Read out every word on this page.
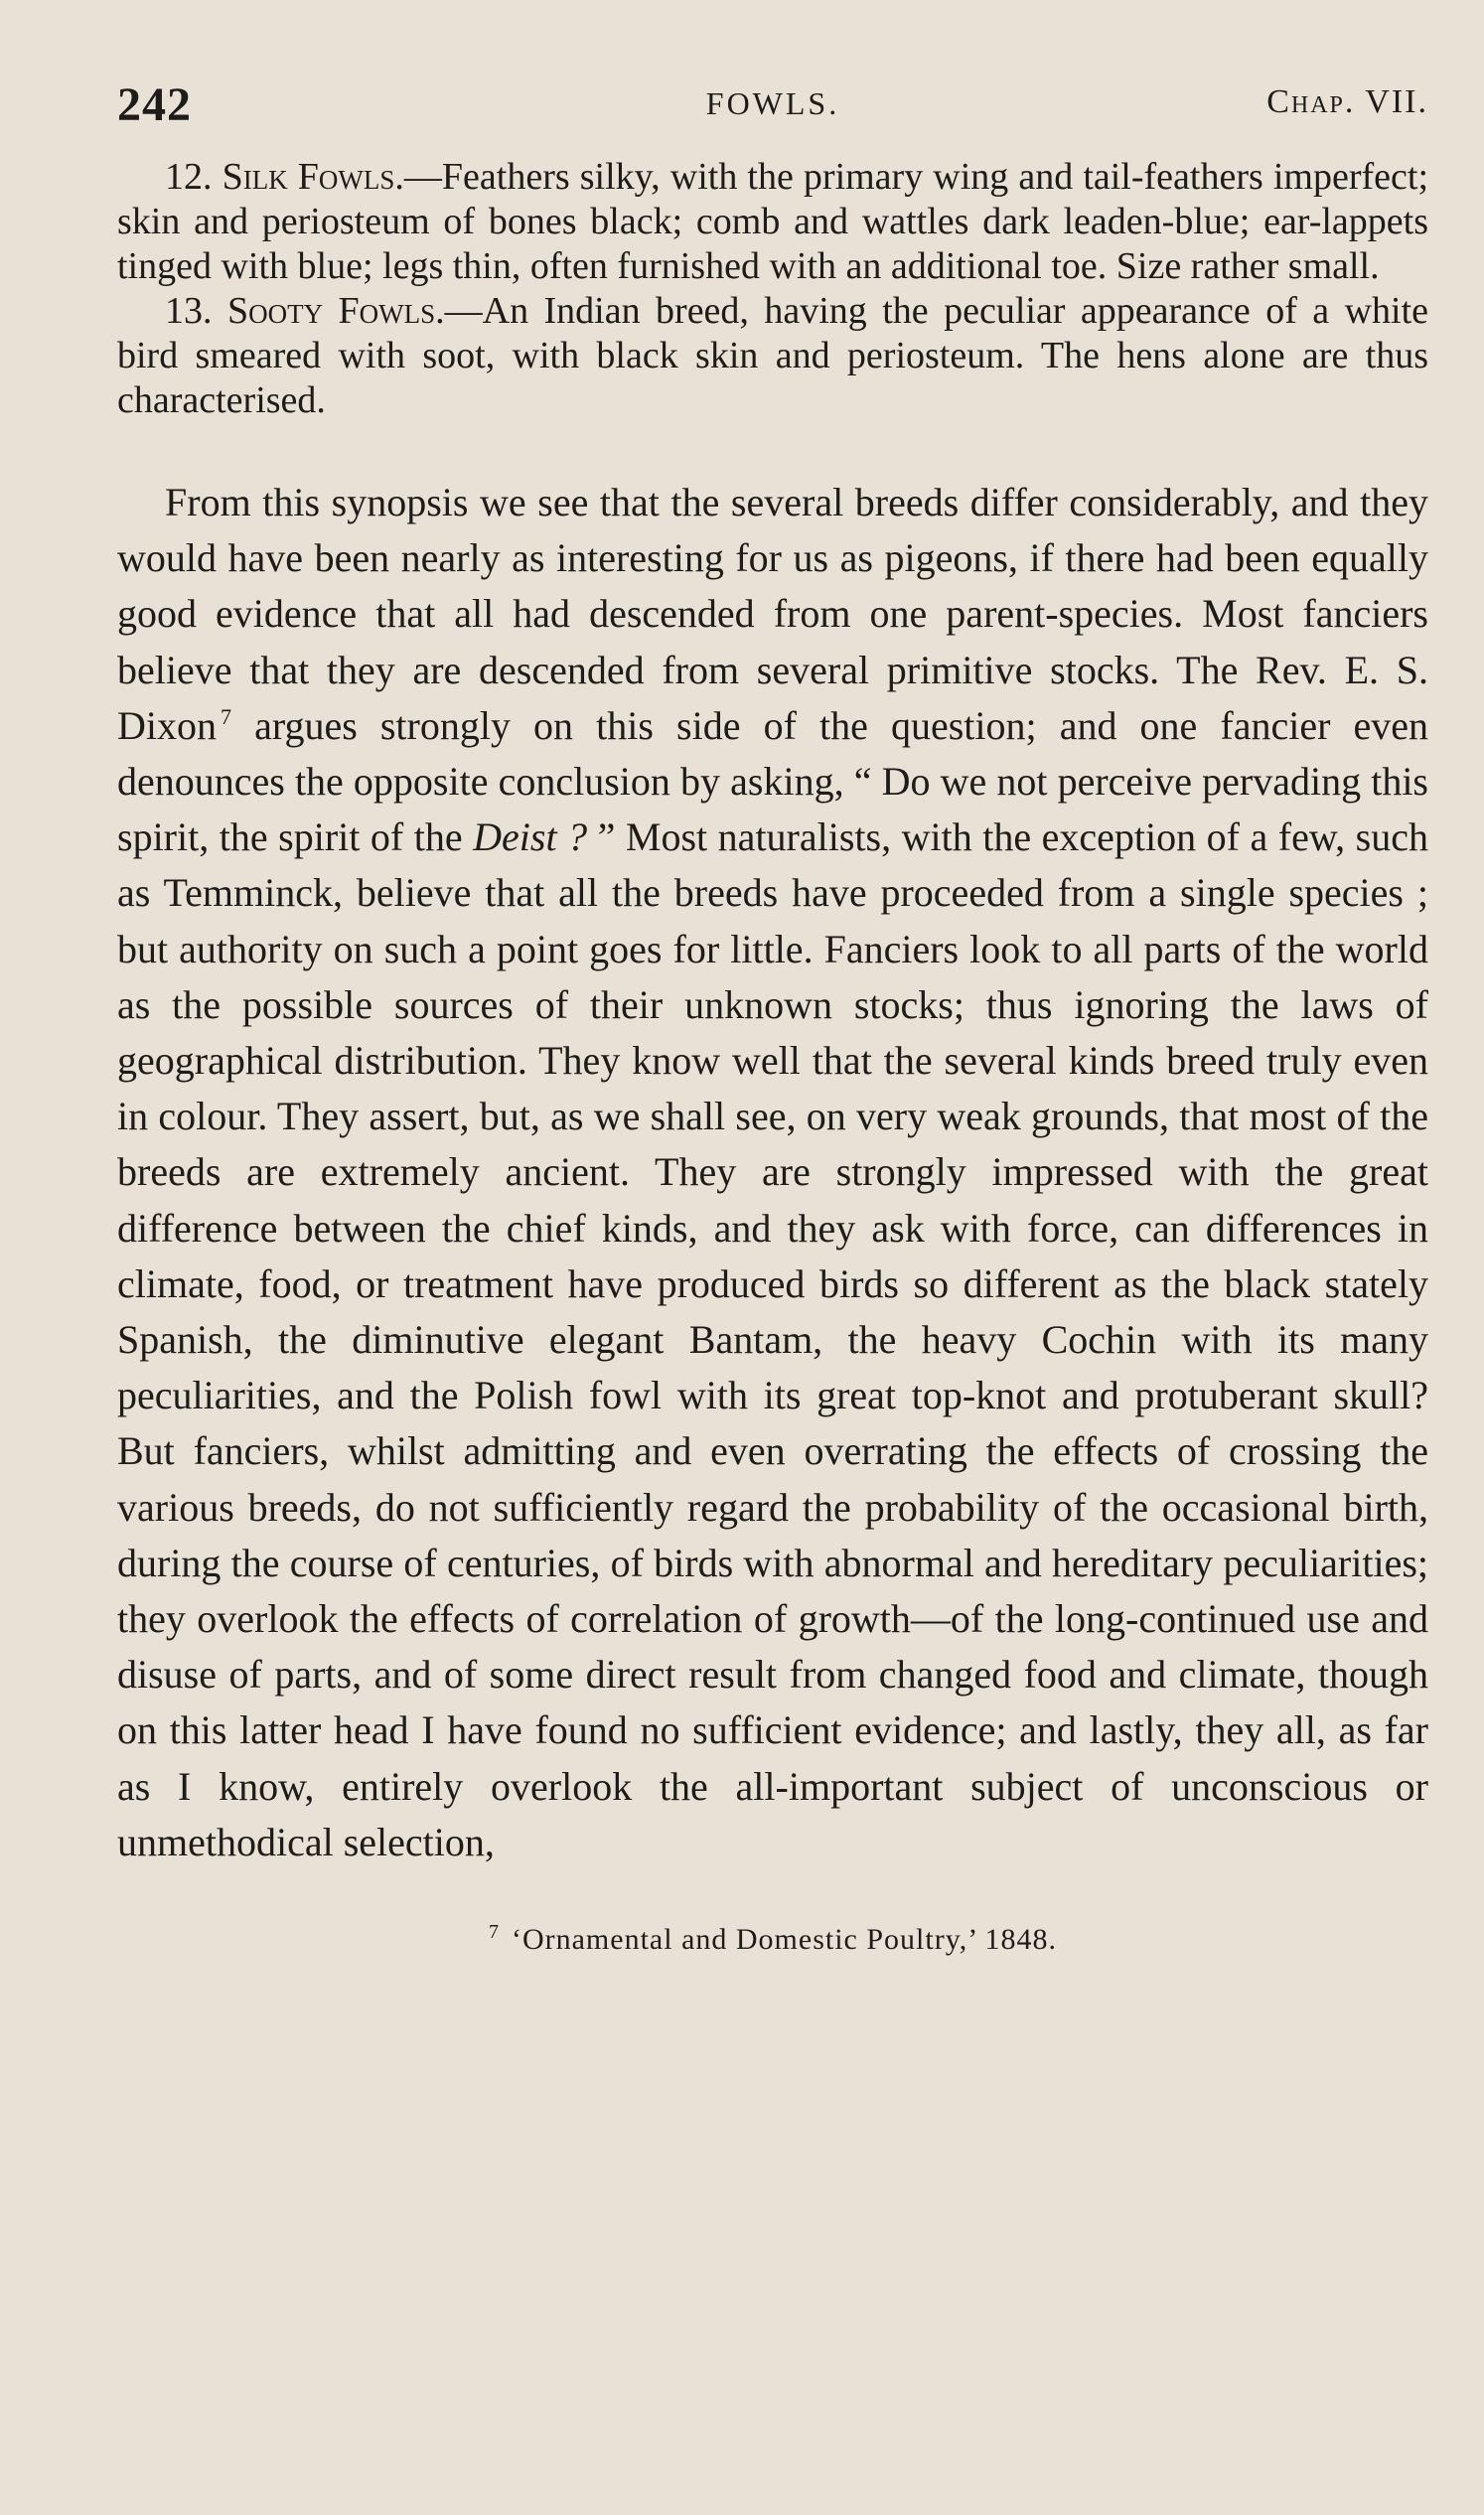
242	FOWLS.	Chap. VII.

12. Silk Fowls.—Feathers silky, with the primary wing and tail-feathers imperfect; skin and periosteum of bones black; comb and wattles dark leaden-blue; ear-lappets tinged with blue; legs thin, often furnished with an additional toe. Size rather small.

13. Sooty Fowls.—An Indian breed, having the peculiar appearance of a white bird smeared with soot, with black skin and periosteum. The hens alone are thus characterised.

From this synopsis we see that the several breeds differ considerably, and they would have been nearly as interesting for us as pigeons, if there had been equally good evidence that all had descended from one parent-species. Most fanciers believe that they are descended from several primitive stocks. The Rev. E. S. Dixon $^7$ argues strongly on this side of the question; and one fancier even denounces the opposite conclusion by asking, “ Do we not perceive pervading this spirit, the spirit of the Deist ? ” Most naturalists, with the exception of a few, such as Temminck, believe that all the breeds have proceeded from a single species ; but authority on such a point goes for little. Fanciers look to all parts of the world as the possible sources of their unknown stocks; thus ignoring the laws of geographical distribution. They know well that the several kinds breed truly even in colour. They assert, but, as we shall see, on very weak grounds, that most of the breeds are extremely ancient. They are strongly impressed with the great difference between the chief kinds, and they ask with force, can differences in climate, food, or treatment have produced birds so different as the black stately Spanish, the diminutive elegant Bantam, the heavy Cochin with its many peculiarities, and the Polish fowl with its great top-knot and protuberant skull? But fanciers, whilst admitting and even overrating the effects of crossing the various breeds, do not sufficiently regard the probability of the occasional birth, during the course of centuries, of birds with abnormal and hereditary peculiarities; they overlook the effects of correlation of growth—of the long-continued use and disuse of parts, and of some direct result from changed food and climate, though on this latter head I have found no sufficient evidence; and lastly, they all, as far as I know, entirely overlook the all-important subject of unconscious or unmethodical selection,

$^7$ ‘Ornamental and Domestic Poultry,’ 1848.
